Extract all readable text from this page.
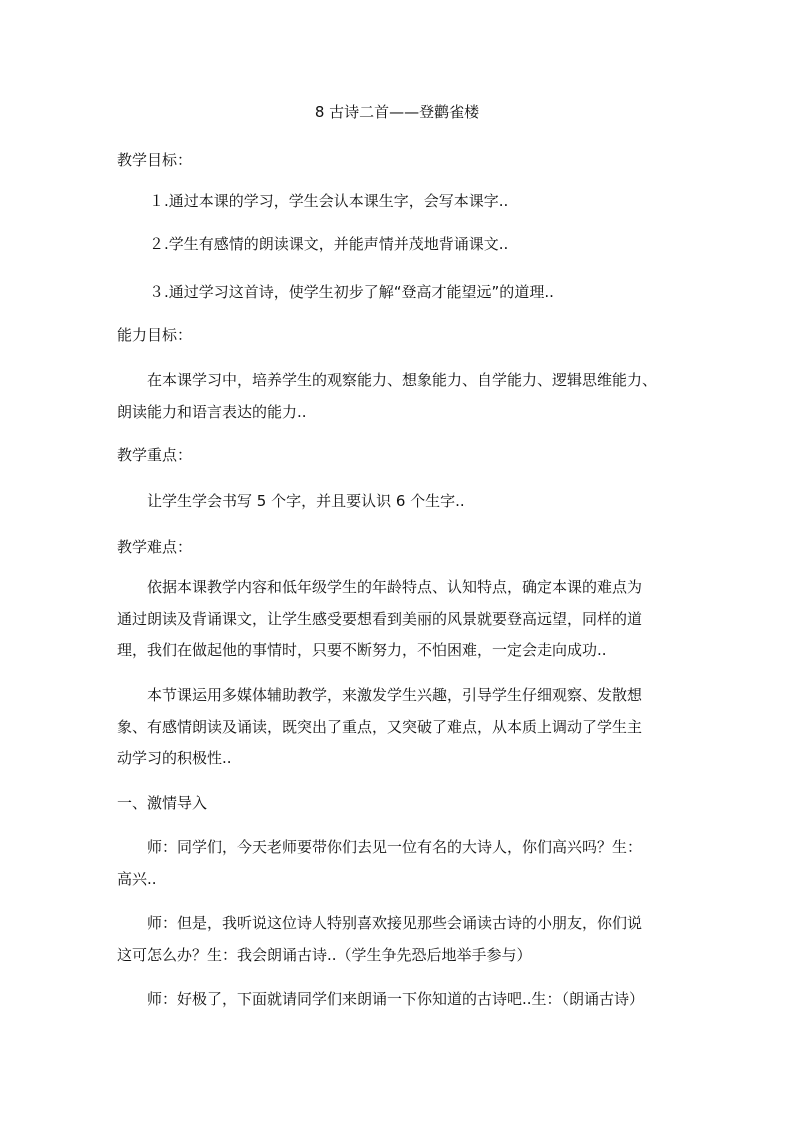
8 古诗二首——登鹳雀楼
教学目标：
１.通过本课的学习，学生会认本课生字，会写本课字..
２.学生有感情的朗读课文，并能声情并茂地背诵课文..
３.通过学习这首诗，使学生初步了解“登高才能望远”的道理..
能力目标：
在本课学习中，培养学生的观察能力、想象能力、自学能力、逻辑思维能力、
朗读能力和语言表达的能力..
教学重点：
让学生学会书写 5 个字，并且要认识 6 个生字..
教学难点：
依据本课教学内容和低年级学生的年龄特点、认知特点，确定本课的难点为
通过朗读及背诵课文，让学生感受要想看到美丽的风景就要登高远望，同样的道
理，我们在做起他的事情时，只要不断努力，不怕困难，一定会走向成功..
本节课运用多媒体辅助教学，来激发学生兴趣，引导学生仔细观察、发散想
象、有感情朗读及诵读，既突出了重点，又突破了难点，从本质上调动了学生主
动学习的积极性..
一、激情导入
师：同学们，今天老师要带你们去见一位有名的大诗人，你们高兴吗？生：
高兴..
师：但是，我听说这位诗人特别喜欢接见那些会诵读古诗的小朋友，你们说
这可怎么办？生：我会朗诵古诗..（学生争先恐后地举手参与）
师：好极了，下面就请同学们来朗诵一下你知道的古诗吧..生：（朗诵古诗）
